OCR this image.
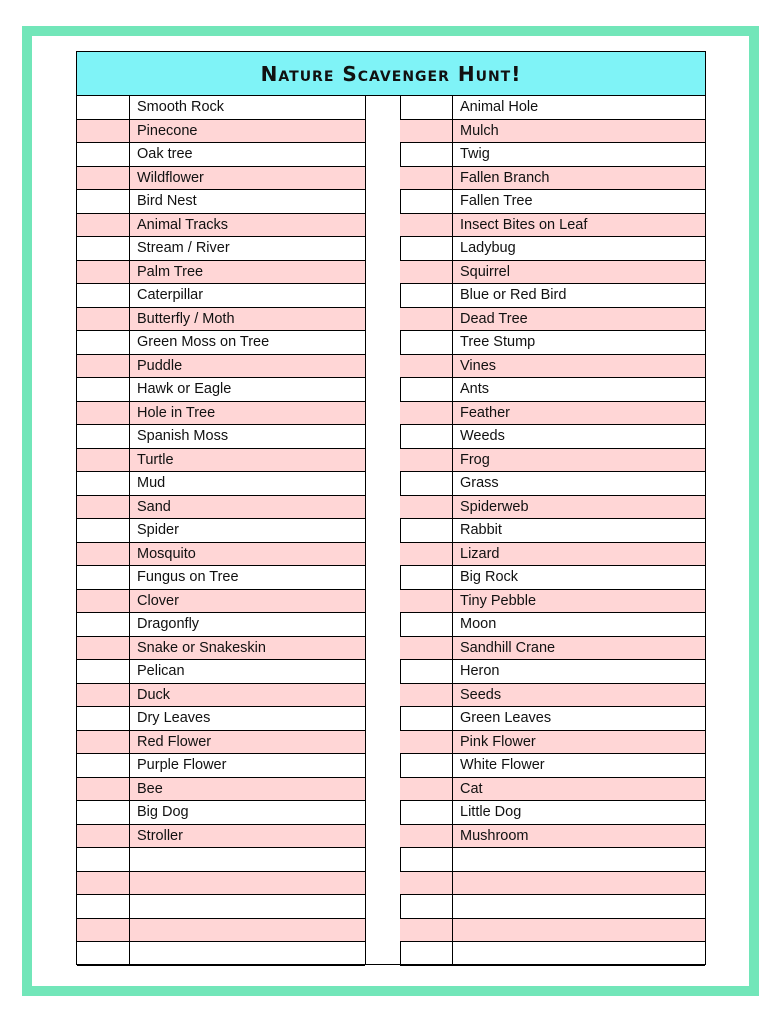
Nature Scavenger Hunt!
Smooth Rock
Pinecone
Oak tree
Wildflower
Bird Nest
Animal Tracks
Stream / River
Palm Tree
Caterpillar
Butterfly / Moth
Green Moss on Tree
Puddle
Hawk or Eagle
Hole in Tree
Spanish Moss
Turtle
Mud
Sand
Spider
Mosquito
Fungus on Tree
Clover
Dragonfly
Snake or Snakeskin
Pelican
Duck
Dry Leaves
Red Flower
Purple Flower
Bee
Big Dog
Stroller
Animal Hole
Mulch
Twig
Fallen Branch
Fallen Tree
Insect Bites on Leaf
Ladybug
Squirrel
Blue or Red Bird
Dead Tree
Tree Stump
Vines
Ants
Feather
Weeds
Frog
Grass
Spiderweb
Rabbit
Lizard
Big Rock
Tiny Pebble
Moon
Sandhill Crane
Heron
Seeds
Green Leaves
Pink Flower
White Flower
Cat
Little Dog
Mushroom
